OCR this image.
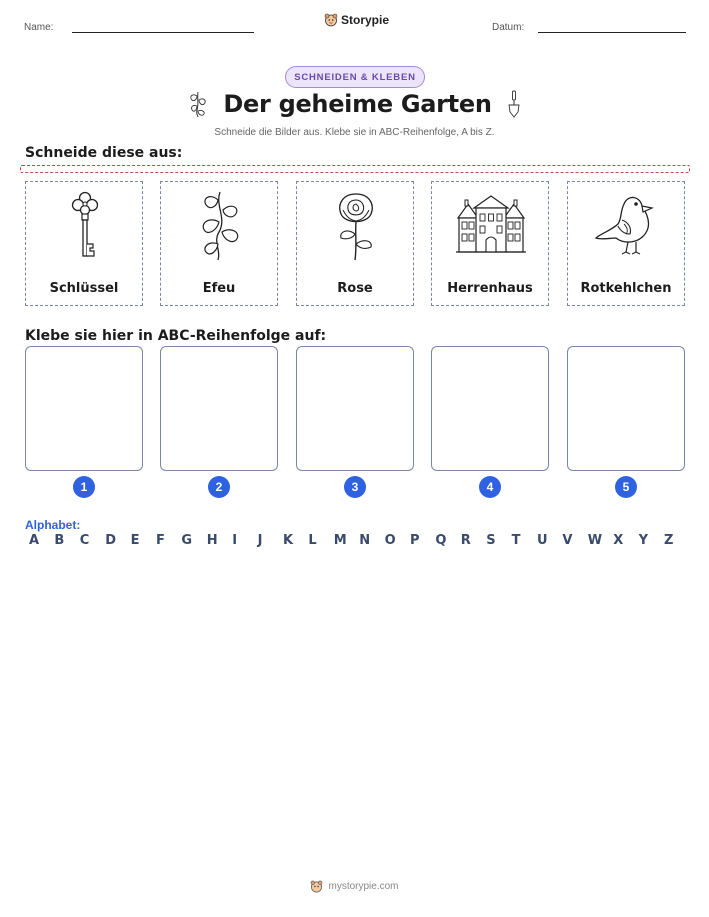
Name:
Storypie
Datum:
SCHNEIDEN & KLEBEN
Der geheime Garten
Schneide die Bilder aus. Klebe sie in ABC-Reihenfolge, A bis Z.
Schneide diese aus:
Schlüssel	Efeu	Rose	Herrenhaus	Rotkehlchen
Klebe sie hier in ABC-Reihenfolge auf:
1	2	3	4	5
Alphabet:
A B C D E F G H I J K L M N O P Q R S T U V W X Y Z
mystorypie.com
